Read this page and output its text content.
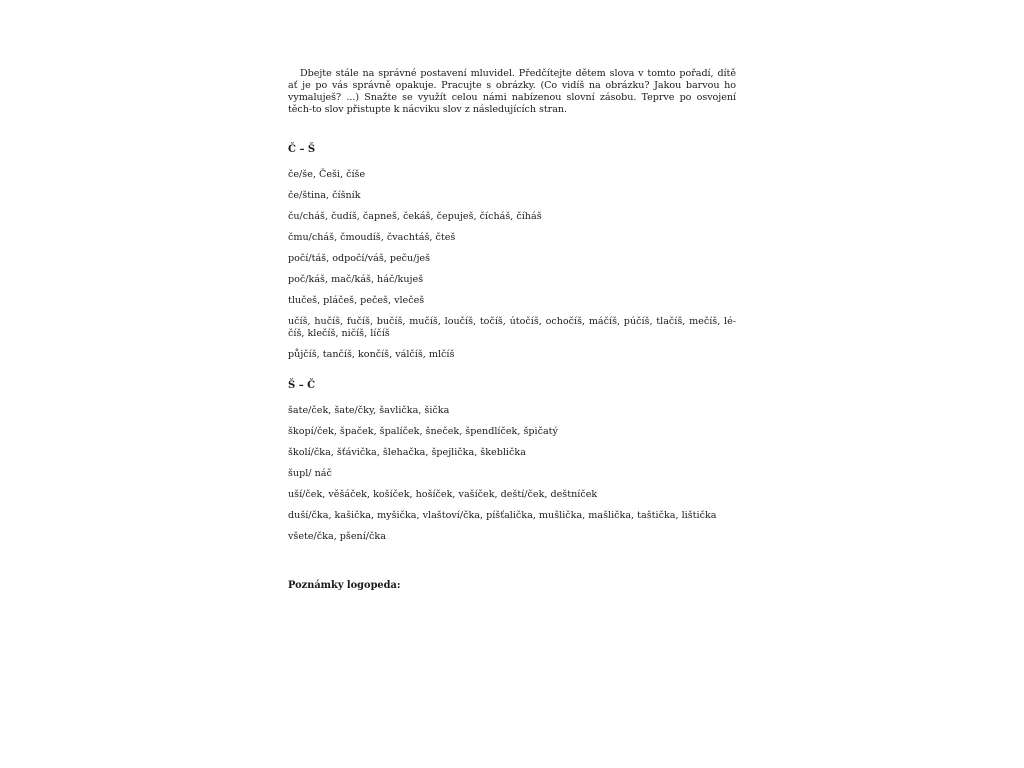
Dbejte stále na správné postavení mluvidel. Předčítejte dětem slova v tomto pořadí, dítě ať je po vás správně opakuje. Pracujte s obrázky. (Co vidíš na obrázku? Jakou barvou ho vymaluješ? ...) Snažte se využít celou námi nabízenou slovní zásobu. Teprve po osvojení těch-to slov přistupte k nácviku slov z následujících stran.

Č – Š
če/še, Češi, číše
če/ština, číšník
ču/cháš, čudíš, čapneš, čekáš, čepuješ, čícháš, číháš
čmu/cháš, čmoudíš, čvachtáš, čteš
počí/táš, odpočí/váš, peču/ješ
poč/káš, mač/káš, háč/kuješ
tlučeš, pláčeš, pečeš, vlečeš
učíš, hučíš, fučíš, bučíš, mučíš, loučíš, točíš, útočíš, ochočíš, máčíš, púčíš, tlačíš, mečíš, lé-číš, klečíš, ničíš, líčíš
půjčíš, tančíš, končíš, válčíš, mlčíš
Š – Č
šate/ček, šate/čky, šavlička, šička
škopí/ček, špaček, špalíček, šneček, špendlíček, špičatý
školí/čka, šťávička, šlehačka, špejlička, škeblička
šupl/ náč
uší/ček, věšáček, košíček, hošíček, vašíček, deští/ček, deštníček
duší/čka, kašička, myšička, vlaštoví/čka, píšťalička, mušlička, mašlička, taštička, lištička
všete/čka, pšení/čka
Poznámky logopeda:
